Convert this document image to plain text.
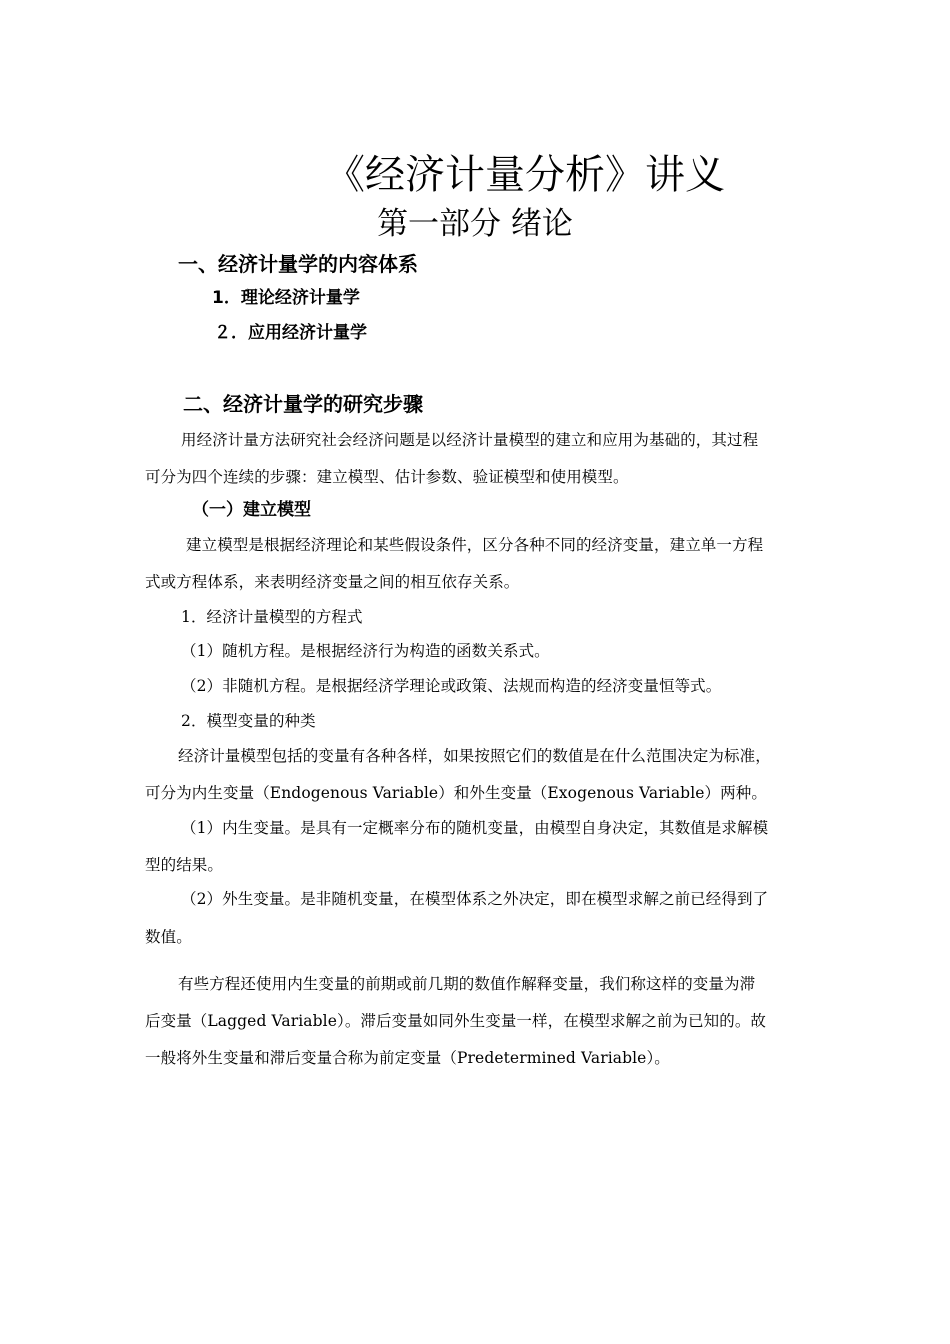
《经济计量分析》讲义
第一部分 绪论
一、经济计量学的内容体系
1．理论经济计量学
２．应用经济计量学
二、经济计量学的研究步骤
用经济计量方法研究社会经济问题是以经济计量模型的建立和应用为基础的，其过程
可分为四个连续的步骤：建立模型、估计参数、验证模型和使用模型。
（一）建立模型
建立模型是根据经济理论和某些假设条件，区分各种不同的经济变量，建立单一方程
式或方程体系，来表明经济变量之间的相互依存关系。
1．经济计量模型的方程式
（1）随机方程。是根据经济行为构造的函数关系式。
（2）非随机方程。是根据经济学理论或政策、法规而构造的经济变量恒等式。
2．模型变量的种类
经济计量模型包括的变量有各种各样，如果按照它们的数值是在什么范围决定为标准，
可分为内生变量（Endogenous Variable）和外生变量（Exogenous Variable）两种。
（1）内生变量。是具有一定概率分布的随机变量，由模型自身决定，其数值是求解模
型的结果。
（2）外生变量。是非随机变量，在模型体系之外决定，即在模型求解之前已经得到了
数值。
有些方程还使用内生变量的前期或前几期的数值作解释变量，我们称这样的变量为滞
后变量（Lagged Variable）。滞后变量如同外生变量一样，在模型求解之前为已知的。故
一般将外生变量和滞后变量合称为前定变量（Predetermined Variable）。
